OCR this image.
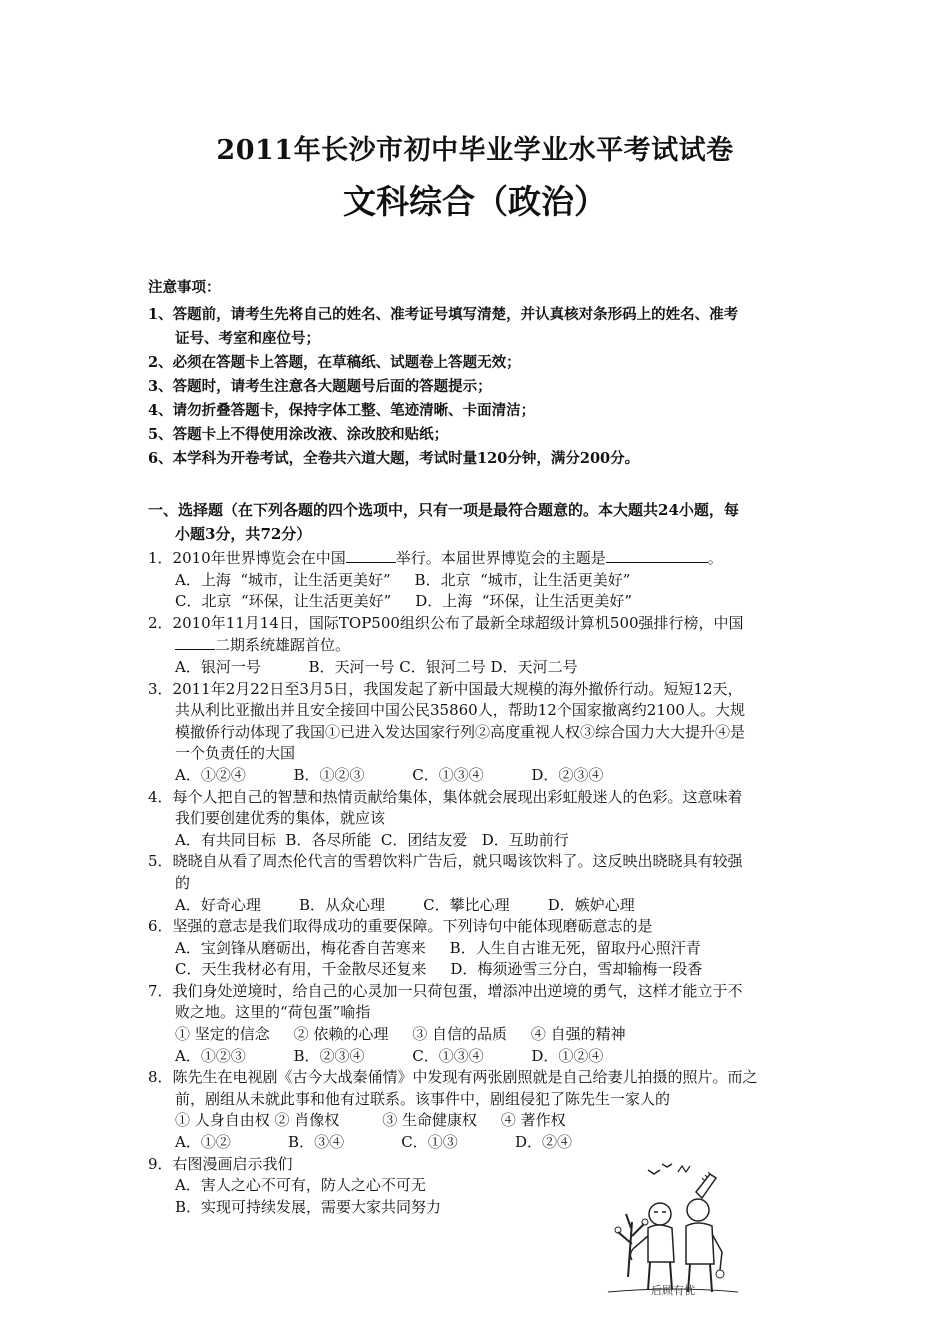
2011年长沙市初中毕业学业水平考试试卷
文科综合（政治）
注意事项：
1、答题前，请考生先将自己的姓名、准考证号填写清楚，并认真核对条形码上的姓名、准考
证号、考室和座位号；
2、必须在答题卡上答题，在草稿纸、试题卷上答题无效；
3、答题时，请考生注意各大题题号后面的答题提示；
4、请勿折叠答题卡，保持字体工整、笔迹清晰、卡面清洁；
5、答题卡上不得使用涂改液、涂改胶和贴纸；
6、本学科为开卷考试，全卷共六道大题，考试时量120分钟，满分200分。
一、选择题（在下列各题的四个选项中，只有一项是最符合题意的。本大题共24小题，每
小题3分，共72分）
1．2010年世界博览会在中国	举行。本届世界博览会的主题是	。
A．上海  “城市，让生活更美好”     B．北京  “城市，让生活更美好”
C．北京  “环保，让生活更美好”     D．上海  “环保，让生活更美好”
2．2010年11月14日，国际TOP500组织公布了最新全球超级计算机500强排行榜，中国
二期系统雄踞首位。
A．银河一号          B．天河一号 C．银河二号 D．天河二号
3．2011年2月22日至3月5日，我国发起了新中国最大规模的海外撤侨行动。短短12天，
共从利比亚撤出并且安全接回中国公民35860人，帮助12个国家撤离约2100人。大规
模撤侨行动体现了我国①已进入发达国家行列②高度重视人权③综合国力大大提升④是
一个负责任的大国
A．①②④          B．①②③          C．①③④          D．②③④
4．每个人把自己的智慧和热情贡献给集体，集体就会展现出彩虹般迷人的色彩。这意味着
我们要创建优秀的集体，就应该
A．有共同目标  B．各尽所能  C．团结友爱   D．互助前行
5．晓晓自从看了周杰伦代言的雪碧饮料广告后，就只喝该饮料了。这反映出晓晓具有较强
的
A．好奇心理        B．从众心理        C．攀比心理        D．嫉妒心理
6．坚强的意志是我们取得成功的重要保障。下列诗句中能体现磨砺意志的是
A．宝剑锋从磨砺出，梅花香自苦寒来     B．人生自古谁无死，留取丹心照汗青
C．天生我材必有用，千金散尽还复来     D．梅须逊雪三分白，雪却输梅一段香
7．我们身处逆境时，给自己的心灵加一只荷包蛋，增添冲出逆境的勇气，这样才能立于不
败之地。这里的“荷包蛋”喻指
① 坚定的信念     ② 依赖的心理     ③ 自信的品质     ④ 自强的精神
A．①②③          B．②③④          C．①③④          D．①②④
8．陈先生在电视剧《古今大战秦俑情》中发现有两张剧照就是自己给妻儿拍摄的照片。而之
前，剧组从未就此事和他有过联系。该事件中，剧组侵犯了陈先生一家人的
① 人身自由权 ② 肖像权         ③ 生命健康权     ④ 著作权
A．①②            B．③④            C．①③            D．②④
9．右图漫画启示我们
A．害人之心不可有，防人之心不可无
B．实现可持续发展，需要大家共同努力
后顾有忧
